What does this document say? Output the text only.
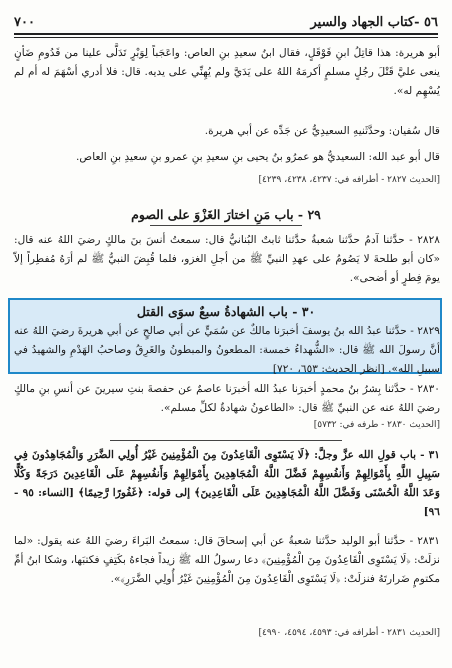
٥٦ -كتاب الجهاد والسير
٧٠٠

أبو هريرة: هذا قاتِلُ ابنِ قَوْقَلٍ، فقال ابنُ سعيدِ بنِ العاص: واعَجَباً لِوَبْرٍ تَدَلَّى علينا من قَدُومِ ضَأنٍ ينعى عليَّ قَتْلَ رجُلٍ مسلمٍ أكرمَهُ اللهُ على يَدَيَّ ولم يُهِنِّي على يديه. قال: فلا أدري أسْهَمَ له أم لم يُسْهِم له».

قال سُفيان: وحدَّثَنيهِ السعيدِيُّ عن جَدِّه عن أبي هريرة.

قال أبو عبد الله: السعيديُّ هو عمرُو بنُ يحيى بنِ سعيدِ بنِ عمرو بنِ سعيدِ بنِ العاص.

[الحديث ٢٨٢٧ - أطرافه في: ٤٢٣٧، ٤٢٣٨، ٤٢٣٩]

٢٩ - باب مَنِ اختارَ الغَزْوَ على الصوم

٢٨٢٨ - حدَّثنا آدمُ حدَّثنا شعبةُ حدَّثنا ثابتٌ البُنانيُّ قال: سمعتُ أنسَ بنَ مالكٍ رضيَ اللهُ عنه قال: «كان أبو طلحةَ لا يَصُومُ على عهدِ النبيِّ ﷺ من أجلِ الغزو، فلما قُبِضَ النبيُّ ﷺ لم أرَهُ مُفطِراً إلاّ يومَ فِطرٍ أو أضحى».

٣٠ - باب الشهادةُ سبعٌ سوَى القتل

٢٨٢٩ - حدَّثنا عبدُ الله بنُ يوسفَ أخبرَنا مالكٌ عن سُمَيٍّ عن أبي صالحٍ عن أبي هريرةَ رضيَ اللهُ عنه أنَّ رسولَ الله ﷺ قال: «الشُّهداءُ خمسة: المطعونُ والمبطونُ والغَرِقُ وصاحبُ الهَدْمِ والشهيدُ في سبيلِ الله». [انظر الحديث: ٦٥٣، ٧٢٠]

٢٨٣٠ - حدَّثنا بِشرُ بنُ محمدٍ أخبرَنا عبدُ الله أخبرَنا عاصمٌ عن حفصةَ بنتِ سيرينَ عن أنسِ بنِ مالكٍ رضيَ اللهُ عنه عن النبيِّ ﷺ قال: «الطاعونُ شهادةٌ لكلِّ مسلم».

[الحديث ٢٨٣٠ - طرفه في: ٥٧٣٢]

٣١ - باب قولِ الله عزَّ وجلَّ: ﴿لَا يَسْتَوِى الْقَاعِدُونَ مِنَ الْمُؤْمِنِينَ غَيْرُ أُولِي الضَّرَرِ وَالْمُجَاهِدُونَ فِي سَبِيلِ اللَّهِ بِأَمْوَالِهِمْ وَأَنفُسِهِمْ فَضَّلَ اللَّهُ الْمُجَاهِدِينَ بِأَمْوَالِهِمْ وَأَنفُسِهِمْ عَلَى الْقَاعِدِينَ دَرَجَةً وَكُلًّا وَعَدَ اللَّهُ الْحُسْنَى وَفَضَّلَ اللَّهُ الْمُجَاهِدِينَ عَلَى الْقَاعِدِينَ﴾ إلى قوله: ﴿غَفُورًا رَّحِيمًا﴾ [النساء: ٩٥ - ٩٦]

٢٨٣١ - حدَّثنا أبو الوليد حدَّثنا شعبةُ عن أبي إسحاقَ قال: سمعتُ البَراءَ رضيَ اللهُ عنه يقول: «لما نزلَتْ: ﴿لَا يَسْتَوِى الْقَاعِدُونَ مِنَ الْمُؤْمِنِينَ﴾ دعا رسولُ الله ﷺ زيداً فجاءهُ بكَتِفٍ فكتبَها، وشكا ابنُ أمِّ مكتومٍ ضَرارتَهُ فنزلَتْ: ﴿لَا يَسْتَوِى الْقَاعِدُونَ مِنَ الْمُؤْمِنِينَ غَيْرُ أُولِي الضَّرَرِ﴾».

[الحديث ٢٨٣١ - أطرافه في: ٤٥٩٣، ٤٥٩٤، ٤٩٩٠]
